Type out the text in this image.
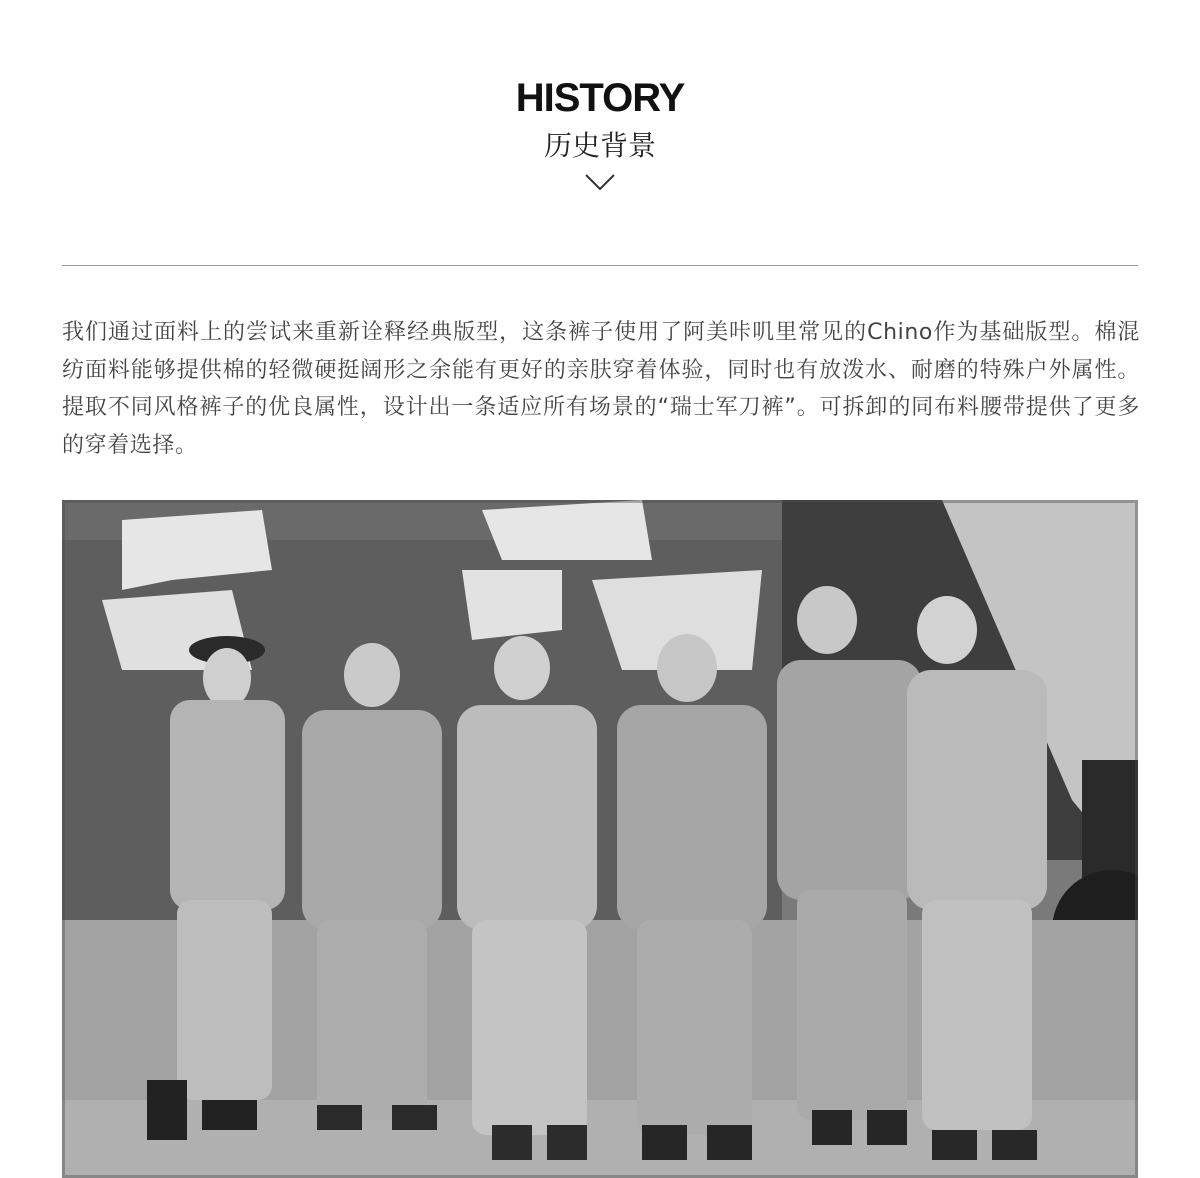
HISTORY
历史背景

我们通过面料上的尝试来重新诠释经典版型，这条裤子使用了阿美咔叽里常见的Chino作为基础版型。棉混纺面料能够提供棉的轻微硬挺阔形之余能有更好的亲肤穿着体验，同时也有放泼水、耐磨的特殊户外属性。提取不同风格裤子的优良属性，设计出一条适应所有场景的“瑞士军刀裤”。可拆卸的同布料腰带提供了更多的穿着选择。
